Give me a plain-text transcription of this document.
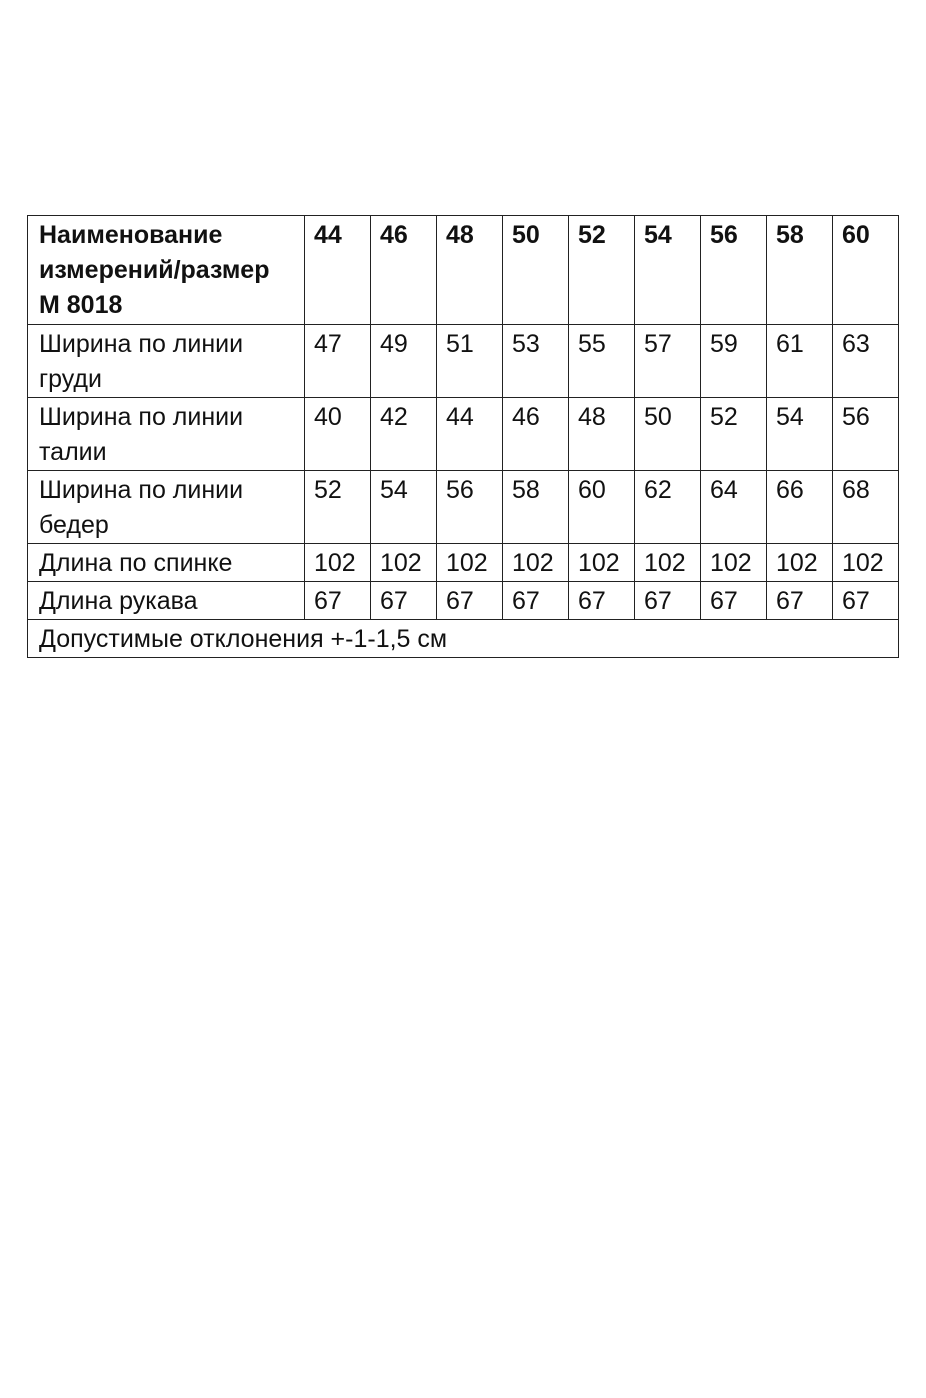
Наименование
измерений/размер
М 8018	44	46	48	50	52	54	56	58	60
Ширина по линии груди	47	49	51	53	55	57	59	61	63
Ширина по линии талии	40	42	44	46	48	50	52	54	56
Ширина по линии бедер	52	54	56	58	60	62	64	66	68
Длина по спинке	102	102	102	102	102	102	102	102	102
Длина рукава	67	67	67	67	67	67	67	67	67
Допустимые отклонения +-1-1,5 см									
